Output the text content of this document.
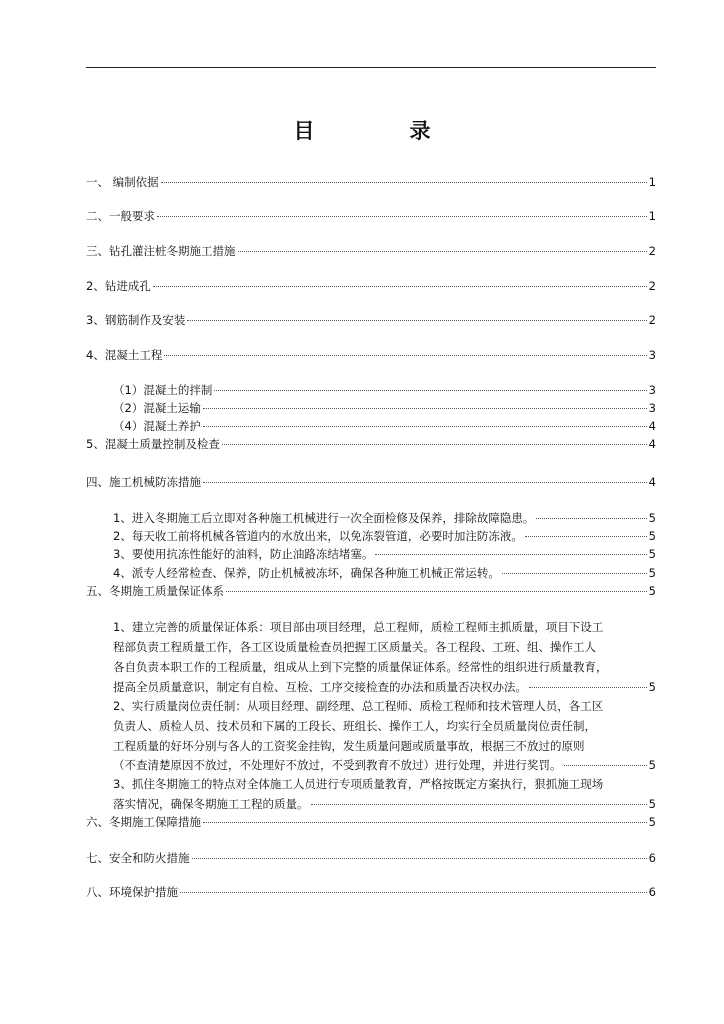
目	录
一、 编制依据	1
二、一般要求	1
三、钻孔灌注桩冬期施工措施	2
2、钻进成孔	2
3、钢筋制作及安装	2
4、混凝土工程	3
（1）混凝土的拌制	3
（2）混凝土运输	3
（4）混凝土养护	4
5、混凝土质量控制及检查	4
四、施工机械防冻措施	4
1、进入冬期施工后立即对各种施工机械进行一次全面检修及保养，排除故障隐患。	5
2、每天收工前将机械各管道内的水放出来，以免冻裂管道，必要时加注防冻液。	5
3、要使用抗冻性能好的油料，防止油路冻结堵塞。	5
4、派专人经常检查、保养，防止机械被冻坏，确保各种施工机械正常运转。	5
五、冬期施工质量保证体系	5
1、建立完善的质量保证体系：项目部由项目经理，总工程师，质检工程师主抓质量，项目下设工
程部负责工程质量工作，各工区设质量检查员把握工区质量关。各工程段、工班、组、操作工人
各自负责本职工作的工程质量，组成从上到下完整的质量保证体系。经常性的组织进行质量教育，
提高全员质量意识，制定有自检、互检、工序交接检查的办法和质量否决权办法。	5
2、实行质量岗位责任制：从项目经理、副经理、总工程师、质检工程师和技术管理人员，各工区
负责人、质检人员、技术员和下属的工段长、班组长、操作工人，均实行全员质量岗位责任制，
工程质量的好坏分别与各人的工资奖金挂钩，发生质量问题或质量事故，根据三不放过的原则
（不查清楚原因不放过，不处理好不放过，不受到教育不放过）进行处理，并进行奖罚。	5
3、抓住冬期施工的特点对全体施工人员进行专项质量教育，严格按既定方案执行，狠抓施工现场
落实情况，确保冬期施工工程的质量。	5
六、冬期施工保障措施	5
七、安全和防火措施	6
八、环境保护措施	6
